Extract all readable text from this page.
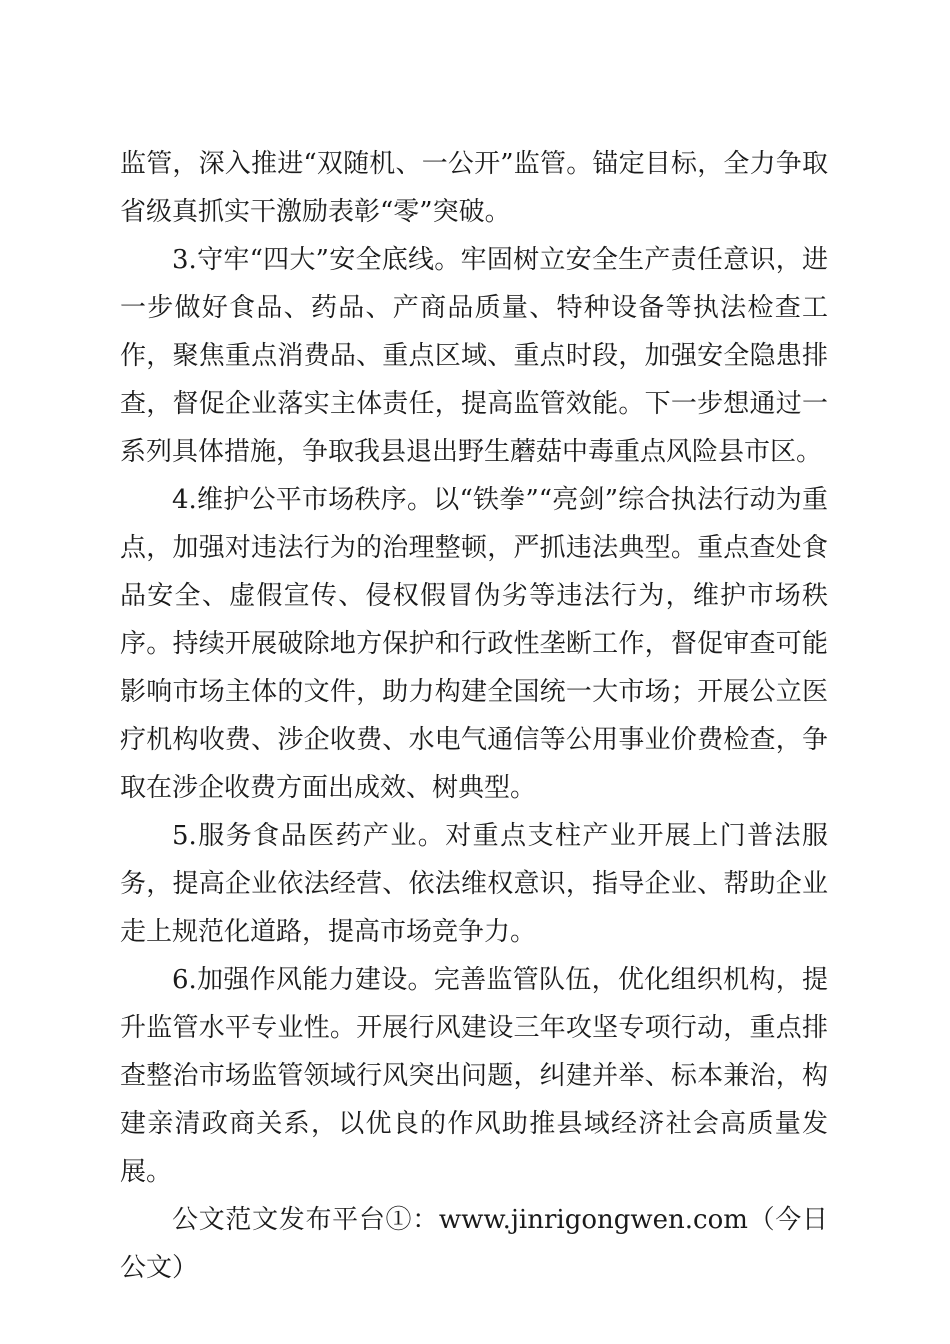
监管，深入推进“双随机、一公开”监管。锚定目标，全力争取省级真抓实干激励表彰“零”突破。

3.守牢“四大”安全底线。牢固树立安全生产责任意识，进一步做好食品、药品、产商品质量、特种设备等执法检查工作，聚焦重点消费品、重点区域、重点时段，加强安全隐患排查，督促企业落实主体责任，提高监管效能。下一步想通过一系列具体措施，争取我县退出野生蘑菇中毒重点风险县市区。

4.维护公平市场秩序。以“铁拳”“亮剑”综合执法行动为重点，加强对违法行为的治理整顿，严抓违法典型。重点查处食品安全、虚假宣传、侵权假冒伪劣等违法行为，维护市场秩序。持续开展破除地方保护和行政性垄断工作，督促审查可能影响市场主体的文件，助力构建全国统一大市场；开展公立医疗机构收费、涉企收费、水电气通信等公用事业价费检查，争取在涉企收费方面出成效、树典型。

5.服务食品医药产业。对重点支柱产业开展上门普法服务，提高企业依法经营、依法维权意识，指导企业、帮助企业走上规范化道路，提高市场竞争力。

6.加强作风能力建设。完善监管队伍，优化组织机构，提升监管水平专业性。开展行风建设三年攻坚专项行动，重点排查整治市场监管领域行风突出问题，纠建并举、标本兼治，构建亲清政商关系，以优良的作风助推县域经济社会高质量发展。

公文范文发布平台①：www.jinrigongwen.com（今日公文）
